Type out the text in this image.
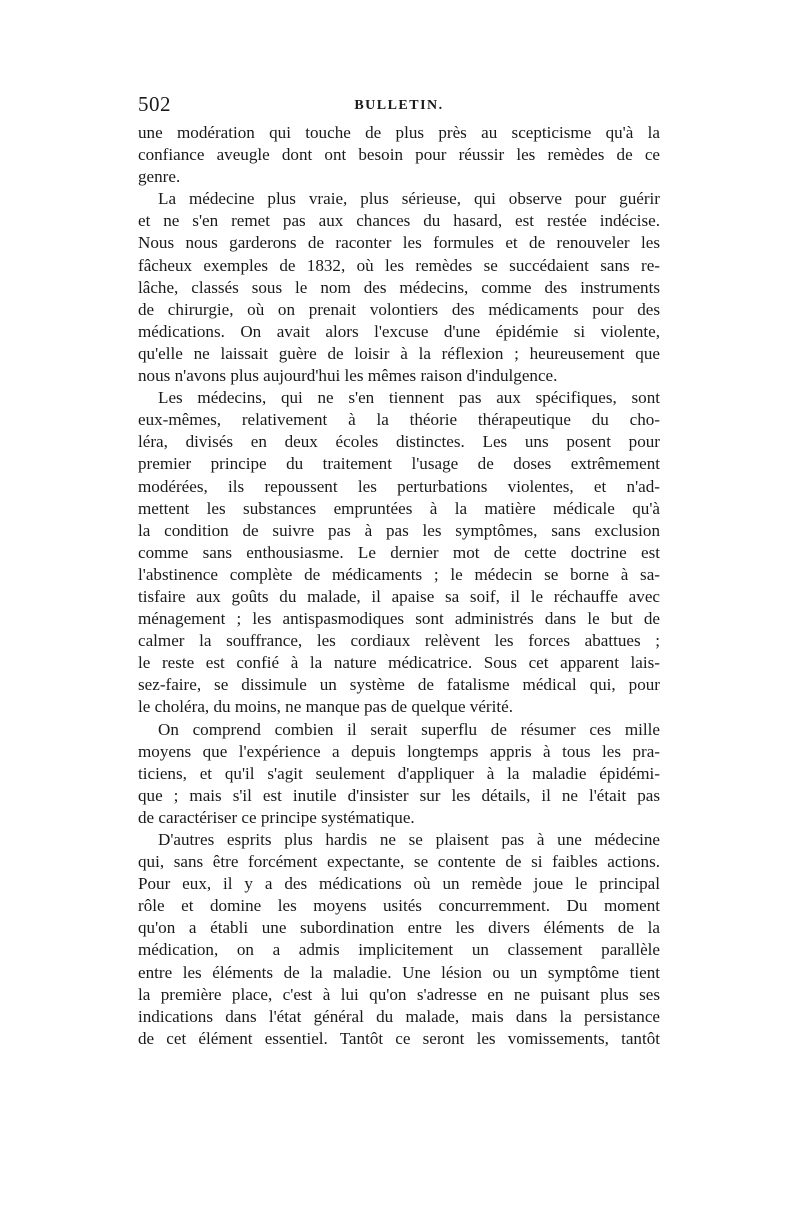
502	BULLETIN.
une modération qui touche de plus près au scepticisme qu'à la
confiance aveugle dont ont besoin pour réussir les remèdes de ce
genre.
La médecine plus vraie, plus sérieuse, qui observe pour guérir
et ne s'en remet pas aux chances du hasard, est restée indécise.
Nous nous garderons de raconter les formules et de renouveler les
fâcheux exemples de 1832, où les remèdes se succédaient sans re-
lâche, classés sous le nom des médecins, comme des instruments
de chirurgie, où on prenait volontiers des médicaments pour des
médications. On avait alors l'excuse d'une épidémie si violente,
qu'elle ne laissait guère de loisir à la réflexion ; heureusement que
nous n'avons plus aujourd'hui les mêmes raison d'indulgence.
Les médecins, qui ne s'en tiennent pas aux spécifiques, sont
eux-mêmes, relativement à la théorie thérapeutique du cho-
léra, divisés en deux écoles distinctes. Les uns posent pour
premier principe du traitement l'usage de doses extrêmement
modérées, ils repoussent les perturbations violentes, et n'ad-
mettent les substances empruntées à la matière médicale qu'à
la condition de suivre pas à pas les symptômes, sans exclusion
comme sans enthousiasme. Le dernier mot de cette doctrine est
l'abstinence complète de médicaments ; le médecin se borne à sa-
tisfaire aux goûts du malade, il apaise sa soif, il le réchauffe avec
ménagement ; les antispasmodiques sont administrés dans le but de
calmer la souffrance, les cordiaux relèvent les forces abattues ;
le reste est confié à la nature médicatrice. Sous cet apparent lais-
sez-faire, se dissimule un système de fatalisme médical qui, pour
le choléra, du moins, ne manque pas de quelque vérité.
On comprend combien il serait superflu de résumer ces mille
moyens que l'expérience a depuis longtemps appris à tous les pra-
ticiens, et qu'il s'agit seulement d'appliquer à la maladie épidémi-
que ; mais s'il est inutile d'insister sur les détails, il ne l'était pas
de caractériser ce principe systématique.
D'autres esprits plus hardis ne se plaisent pas à une médecine
qui, sans être forcément expectante, se contente de si faibles actions.
Pour eux, il y a des médications où un remède joue le principal
rôle et domine les moyens usités concurremment. Du moment
qu'on a établi une subordination entre les divers éléments de la
médication, on a admis implicitement un classement parallèle
entre les éléments de la maladie. Une lésion ou un symptôme tient
la première place, c'est à lui qu'on s'adresse en ne puisant plus ses
indications dans l'état général du malade, mais dans la persistance
de cet élément essentiel. Tantôt ce seront les vomissements, tantôt
